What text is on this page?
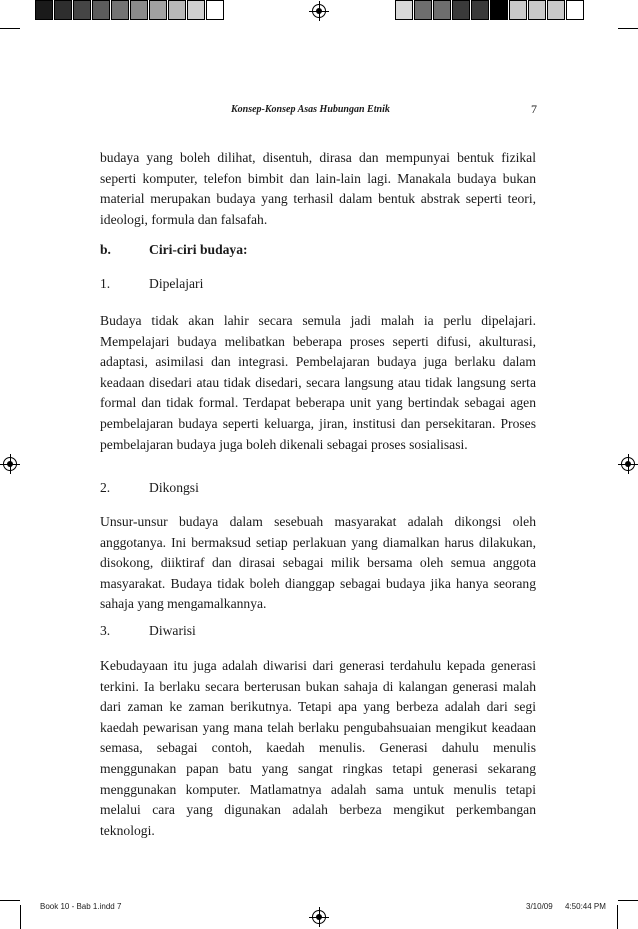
Konsep-Konsep Asas Hubungan Etnik	7

budaya yang boleh dilihat, disentuh, dirasa dan mempunyai bentuk fizikal seperti komputer, telefon bimbit dan lain-lain lagi. Manakala budaya bukan material merupakan budaya yang terhasil dalam bentuk abstrak seperti teori, ideologi, formula dan falsafah.

b.	Ciri-ciri budaya:
1.	Dipelajari

Budaya tidak akan lahir secara semula jadi malah ia perlu dipelajari. Mempelajari budaya melibatkan beberapa proses seperti difusi, akulturasi, adaptasi, asimilasi dan integrasi. Pembelajaran budaya juga berlaku dalam keadaan disedari atau tidak disedari, secara langsung atau tidak langsung serta formal dan tidak formal. Terdapat beberapa unit yang bertindak sebagai agen pembelajaran budaya seperti keluarga, jiran, institusi dan persekitaran. Proses pembelajaran budaya juga boleh dikenali sebagai proses sosialisasi.

2.	Dikongsi

Unsur-unsur budaya dalam sesebuah masyarakat adalah dikongsi oleh anggotanya. Ini bermaksud setiap perlakuan yang diamalkan harus dilakukan, disokong, diiktiraf dan dirasai sebagai milik bersama oleh semua anggota masyarakat. Budaya tidak boleh dianggap sebagai budaya jika hanya seorang sahaja yang mengamalkannya.

3.	Diwarisi

Kebudayaan itu juga adalah diwarisi dari generasi terdahulu kepada generasi terkini. Ia berlaku secara berterusan bukan sahaja di kalangan generasi malah dari zaman ke zaman berikutnya. Tetapi apa yang berbeza adalah dari segi kaedah pewarisan yang mana telah berlaku pengubahsuaian mengikut keadaan semasa, sebagai contoh, kaedah menulis. Generasi dahulu menulis menggunakan papan batu yang sangat ringkas tetapi generasi sekarang menggunakan komputer. Matlamatnya adalah sama untuk menulis tetapi melalui cara yang digunakan adalah berbeza mengikut perkembangan teknologi.

Book 10 - Bab 1.indd 7	3/10/09 4:50:44 PM
